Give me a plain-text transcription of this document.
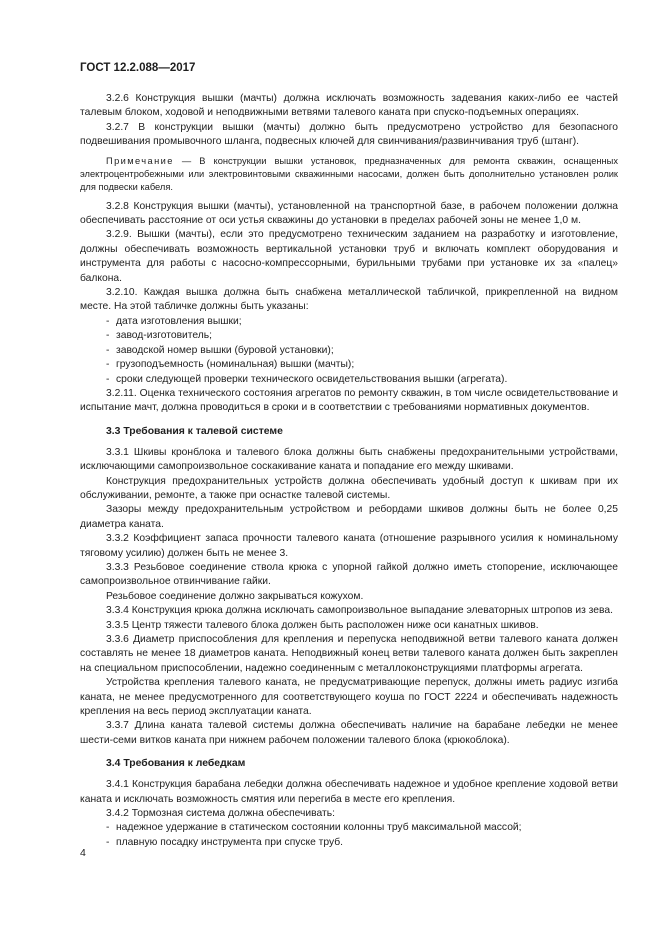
ГОСТ 12.2.088—2017

3.2.6 Конструкция вышки (мачты) должна исключать возможность задевания каких-либо ее частей талевым блоком, ходовой и неподвижными ветвями талевого каната при спуско-подъемных операциях.

3.2.7 В конструкции вышки (мачты) должно быть предусмотрено устройство для безопасного подвешивания промывочного шланга, подвесных ключей для свинчивания/развинчивания труб (штанг).

Примечание — В конструкции вышки установок, предназначенных для ремонта скважин, оснащенных электроцентробежными или электровинтовыми скважинными насосами, должен быть дополнительно установлен ролик для подвески кабеля.

3.2.8 Конструкция вышки (мачты), установленной на транспортной базе, в рабочем положении должна обеспечивать расстояние от оси устья скважины до установки в пределах рабочей зоны не менее 1,0 м.

3.2.9. Вышки (мачты), если это предусмотрено техническим заданием на разработку и изготовление, должны обеспечивать возможность вертикальной установки труб и включать комплект оборудования и инструмента для работы с насосно-компрессорными, бурильными трубами при установке их за «палец» балкона.

3.2.10. Каждая вышка должна быть снабжена металлической табличкой, прикрепленной на видном месте. На этой табличке должны быть указаны:

- дата изготовления вышки;
- завод-изготовитель;
- заводской номер вышки (буровой установки);
- грузоподъемность (номинальная) вышки (мачты);
- сроки следующей проверки технического освидетельствования вышки (агрегата).

3.2.11. Оценка технического состояния агрегатов по ремонту скважин, в том числе освидетельствование и испытание мачт, должна проводиться в сроки и в соответствии с требованиями нормативных документов.

3.3 Требования к талевой системе

3.3.1 Шкивы кронблока и талевого блока должны быть снабжены предохранительными устройствами, исключающими самопроизвольное соскакивание каната и попадание его между шкивами.

Конструкция предохранительных устройств должна обеспечивать удобный доступ к шкивам при их обслуживании, ремонте, а также при оснастке талевой системы.

Зазоры между предохранительным устройством и ребордами шкивов должны быть не более 0,25 диаметра каната.

3.3.2 Коэффициент запаса прочности талевого каната (отношение разрывного усилия к номинальному тяговому усилию) должен быть не менее 3.

3.3.3 Резьбовое соединение ствола крюка с упорной гайкой должно иметь стопорение, исключающее самопроизвольное отвинчивание гайки.

Резьбовое соединение должно закрываться кожухом.

3.3.4 Конструкция крюка должна исключать самопроизвольное выпадание элеваторных штропов из зева.

3.3.5 Центр тяжести талевого блока должен быть расположен ниже оси канатных шкивов.

3.3.6 Диаметр приспособления для крепления и перепуска неподвижной ветви талевого каната должен составлять не менее 18 диаметров каната. Неподвижный конец ветви талевого каната должен быть закреплен на специальном приспособлении, надежно соединенным с металлоконструкциями платформы агрегата.

Устройства крепления талевого каната, не предусматривающие перепуск, должны иметь радиус изгиба каната, не менее предусмотренного для соответствующего коуша по ГОСТ 2224 и обеспечивать надежность крепления на весь период эксплуатации каната.

3.3.7 Длина каната талевой системы должна обеспечивать наличие на барабане лебедки не менее шести-семи витков каната при нижнем рабочем положении талевого блока (крюкоблока).

3.4 Требования к лебедкам

3.4.1 Конструкция барабана лебедки должна обеспечивать надежное и удобное крепление ходовой ветви каната и исключать возможность смятия или перегиба в месте его крепления.

3.4.2 Тормозная система должна обеспечивать:

- надежное удержание в статическом состоянии колонны труб максимальной массой;
- плавную посадку инструмента при спуске труб.
4
